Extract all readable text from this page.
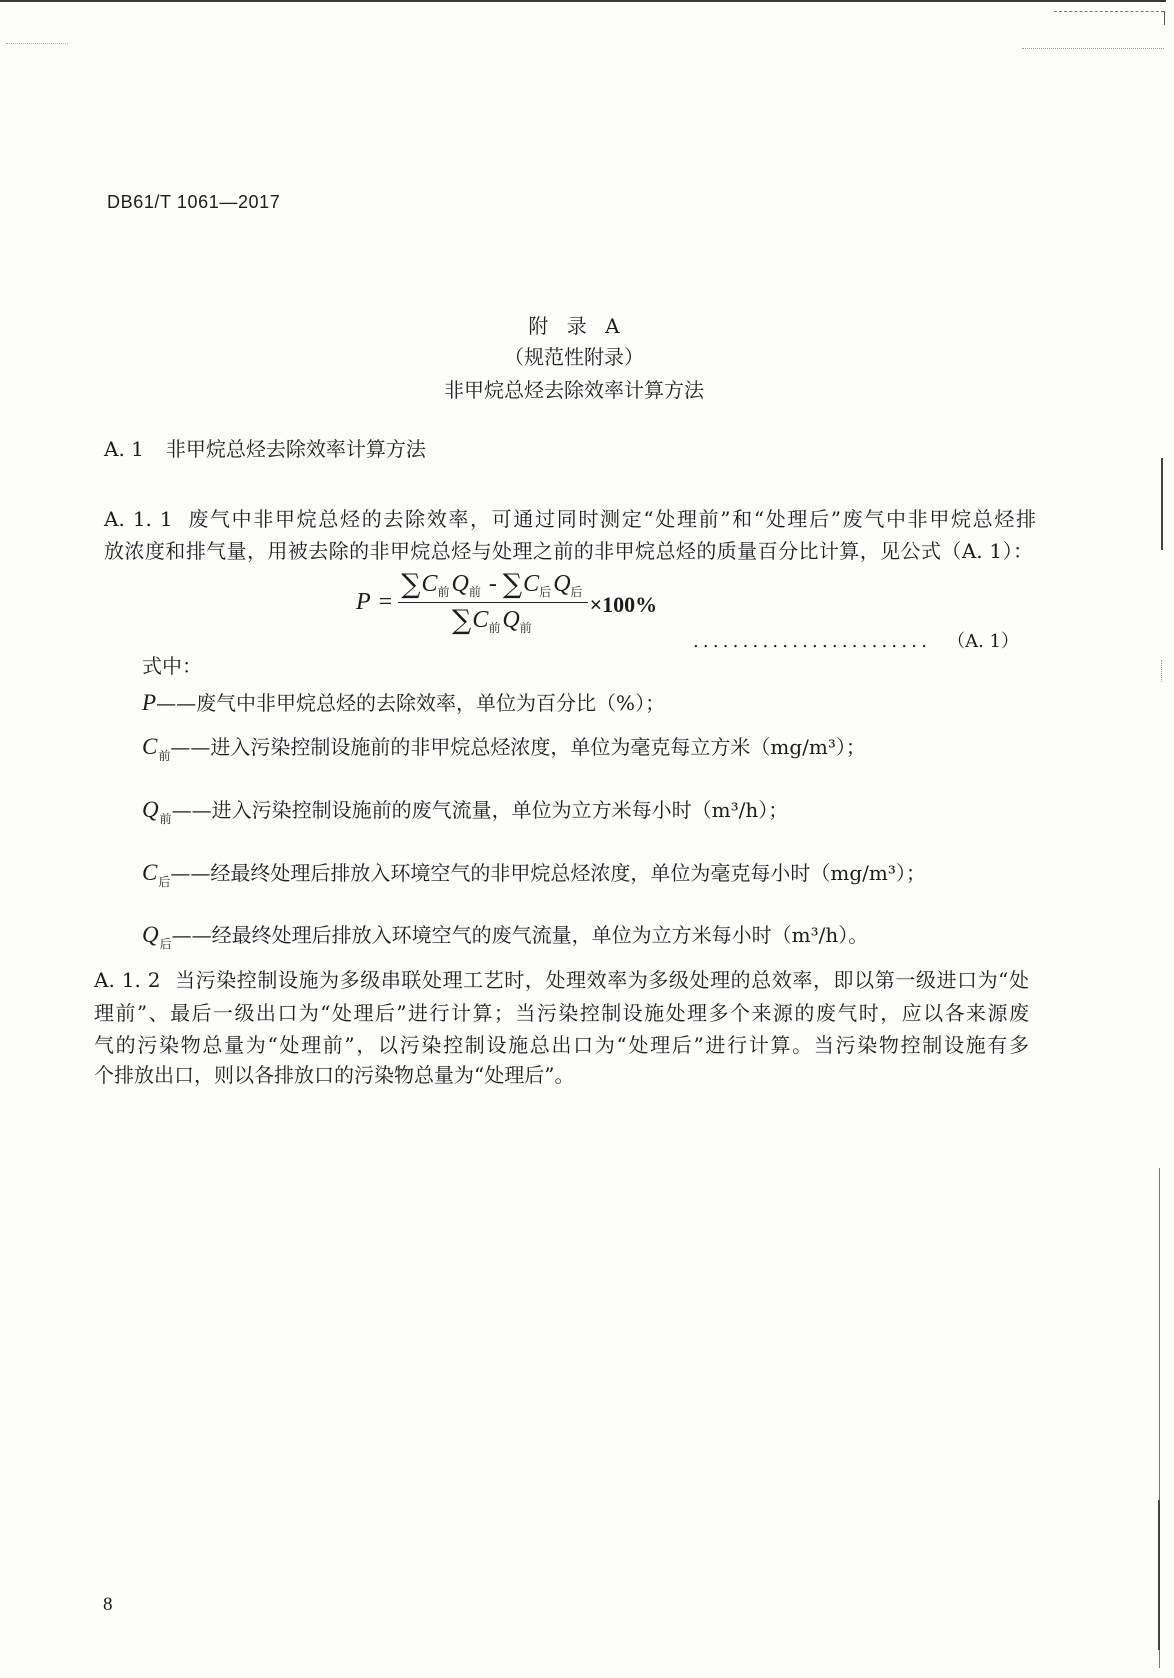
DB61/T 1061—2017
附 录 A
（规范性附录）
非甲烷总烃去除效率计算方法
A. 1 非甲烷总烃去除效率计算方法
A. 1. 1 废气中非甲烷总烃的去除效率，可通过同时测定“处理前”和“处理后”废气中非甲烷总烃排
放浓度和排气量，用被去除的非甲烷总烃与处理之前的非甲烷总烃的质量百分比计算，见公式（A. 1）：
P =
∑ C 前 Q 前 - ∑ C 后 Q 后
∑ C 前 Q 前
×100%
........................ （A. 1）
式中：
P——废气中非甲烷总烃的去除效率，单位为百分比（%）；
$C_前——$进入污染控制设施前的非甲烷总烃浓度，单位为毫克每立方米（mg/m³）；
$Q_前——$进入污染控制设施前的废气流量，单位为立方米每小时（m³/h）；
$C_后——$经最终处理后排放入环境空气的非甲烷总烃浓度，单位为毫克每小时（mg/m³）；
$Q_后——$经最终处理后排放入环境空气的废气流量，单位为立方米每小时（m³/h）。
A. 1. 2 当污染控制设施为多级串联处理工艺时，处理效率为多级处理的总效率，即以第一级进口为“处
理前”、最后一级出口为“处理后”进行计算；当污染控制设施处理多个来源的废气时，应以各来源废
气的污染物总量为“处理前”，以污染控制设施总出口为“处理后”进行计算。当污染物控制设施有多
个排放出口，则以各排放口的污染物总量为“处理后”。
8
